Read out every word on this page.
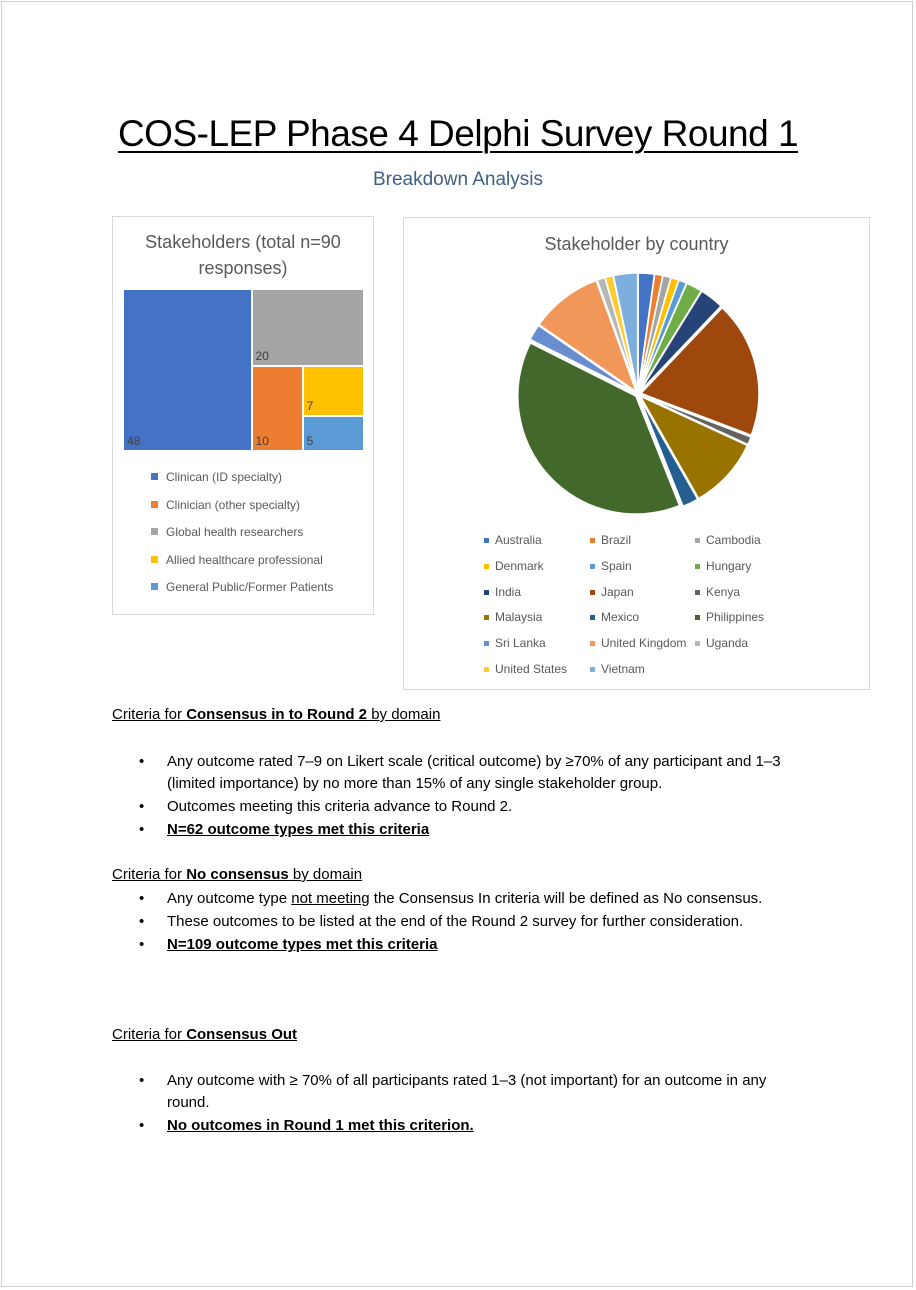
COS-LEP Phase 4 Delphi Survey Round 1
Breakdown Analysis
Stakeholders (total n=90
responses)
48
20
10
7
5
Clinican (ID specialty)
Clinician (other specialty)
Global health researchers
Allied healthcare professional
General Public/Former Patients
Stakeholder by country
Australia	Brazil	Cambodia
Denmark	Spain	Hungary
India	Japan	Kenya
Malaysia	Mexico	Philippines
Sri Lanka	United Kingdom	Uganda
United States	Vietnam
Criteria for Consensus in to Round 2 by domain
• Any outcome rated 7–9 on Likert scale (critical outcome) by ≥70% of any participant and 1–3 (limited importance) by no more than 15% of any single stakeholder group.
• Outcomes meeting this criteria advance to Round 2.
• N=62 outcome types met this criteria
Criteria for No consensus by domain
• Any outcome type not meeting the Consensus In criteria will be defined as No consensus.
• These outcomes to be listed at the end of the Round 2 survey for further consideration.
• N=109 outcome types met this criteria
Criteria for Consensus Out
• Any outcome with ≥ 70% of all participants rated 1–3 (not important) for an outcome in any round.
• No outcomes in Round 1 met this criterion.
